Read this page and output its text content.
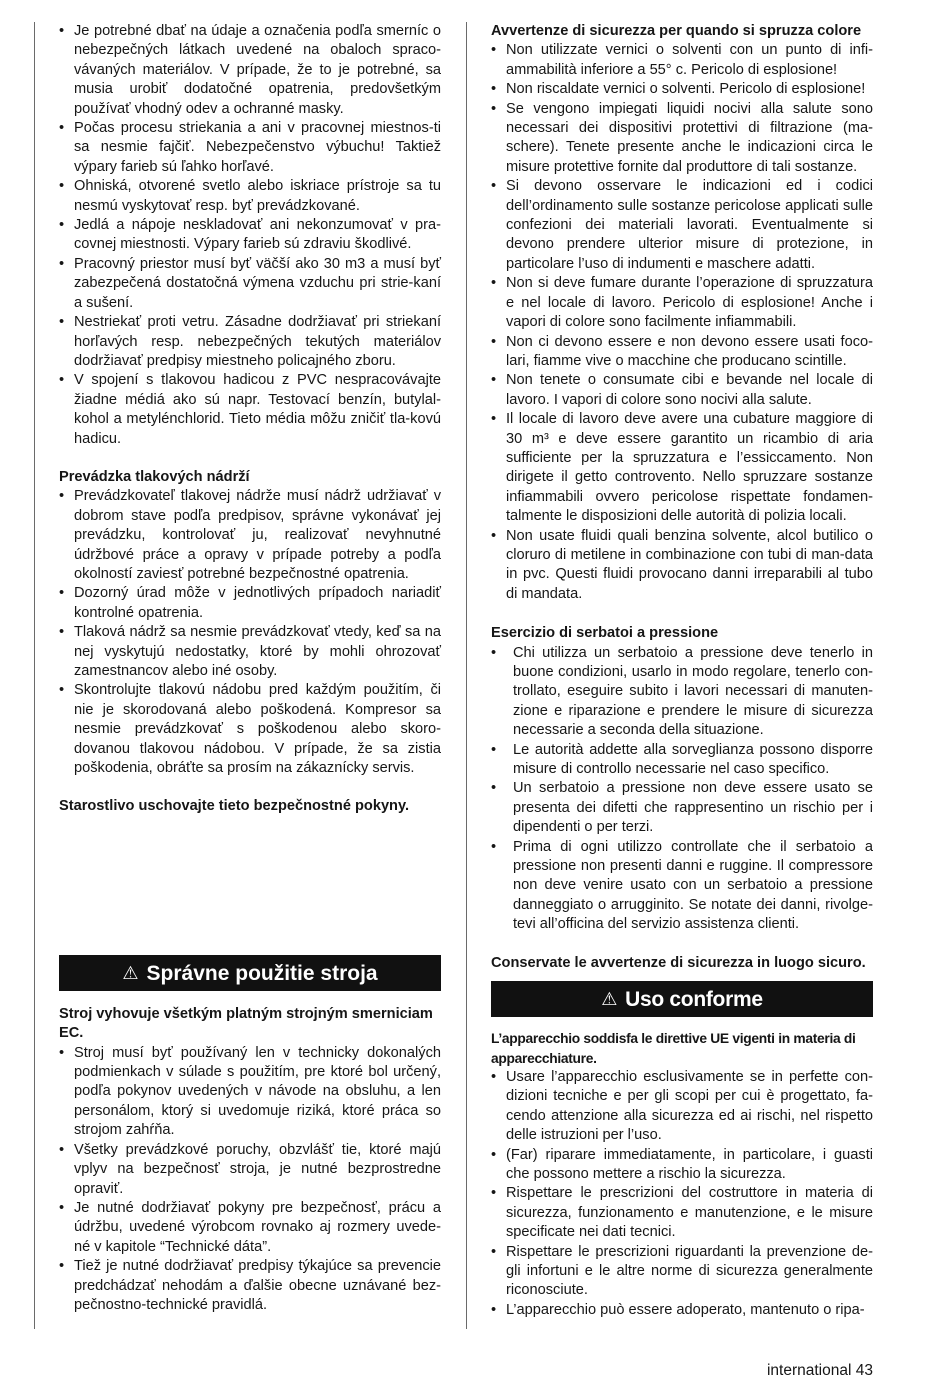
• Je potrebné dbať na údaje a označenia podľa smerníc o nebezpečných látkach uvedené na obaloch spraco-vávaných materiálov. V prípade, že to je potrebné, sa musia urobiť dodatočné opatrenia, predovšetkým používať vhodný odev a ochranné masky.
• Počas procesu striekania a ani v pracovnej miestnos-ti sa nesmie fajčiť. Nebezpečenstvo výbuchu! Taktiež výpary farieb sú ľahko horľavé.
• Ohniská, otvorené svetlo alebo iskriace prístroje sa tu nesmú vyskytovať resp. byť prevádzkované.
• Jedlá a nápoje neskladovať ani nekonzumovať v pra-covnej miestnosti. Výpary farieb sú zdraviu škodlivé.
• Pracovný priestor musí byť väčší ako 30 m3 a musí byť zabezpečená dostatočná výmena vzduchu pri strie-kaní a sušení.
• Nestriekať proti vetru. Zásadne dodržiavať pri striekaní horľavých resp. nebezpečných tekutých materiálov dodržiavať predpisy miestneho policajného zboru.
• V spojení s tlakovou hadicou z PVC nespracovávajte žiadne médiá ako sú napr. Testovací benzín, butylal-kohol a metylénchlorid. Tieto média môžu zničiť tla-kovú hadicu.

Prevádzka tlakových nádrží

• Prevádzkovateľ tlakovej nádrže musí nádrž udržiavať v dobrom stave podľa predpisov, správne vykonávať jej prevádzku, kontrolovať ju, realizovať nevyhnutné údržbové práce a opravy v prípade potreby a podľa okolností zaviesť potrebné bezpečnostné opatrenia.
• Dozorný úrad môže v jednotlivých prípadoch nariadiť kontrolné opatrenia.
• Tlaková nádrž sa nesmie prevádzkovať vtedy, keď sa na nej vyskytujú nedostatky, ktoré by mohli ohrozovať zamestnancov alebo iné osoby.
• Skontrolujte tlakovú nádobu pred každým použitím, či nie je skorodovaná alebo poškodená. Kompresor sa nesmie prevádzkovať s poškodenou alebo skoro-dovanou tlakovou nádobou. V prípade, že sa zistia poškodenia, obráťte sa prosím na zákaznícky servis.

Starostlivo uschovajte tieto bezpečnostné pokyny.

⚠ Správne použitie stroja

Stroj vyhovuje všetkým platným strojným smerniciam EC.

• Stroj musí byť používaný len v technicky dokonalých podmienkach v súlade s použitím, pre ktoré bol určený, podľa pokynov uvedených v návode na obsluhu, a len personálom, ktorý si uvedomuje riziká, ktoré práca so strojom zahŕňa.
• Všetky prevádzkové poruchy, obzvlášť tie, ktoré majú vplyv na bezpečnosť stroja, je nutné bezprostredne opraviť.
• Je nutné dodržiavať pokyny pre bezpečnosť, prácu a údržbu, uvedené výrobcom rovnako aj rozmery uvede-né v kapitole “Technické dáta”.
• Tiež je nutné dodržiavať predpisy týkajúce sa prevencie predchádzať nehodám a ďalšie obecne uznávané bez-pečnostno-technické pravidlá.

Avvertenze di sicurezza per quando si spruzza colore

• Non utilizzate vernici o solventi con un punto di infi-ammabilità inferiore a 55° c. Pericolo di esplosione!
• Non riscaldate vernici o solventi. Pericolo di esplosione!
• Se vengono impiegati liquidi nocivi alla salute sono necessari dei dispositivi protettivi di filtrazione (ma-schere). Tenete presente anche le indicazioni circa le misure protettive fornite dal produttore di tali sostanze.
• Si devono osservare le indicazioni ed i codici dell’ordinamento sulle sostanze pericolose applicati sulle confezioni dei materiali lavorati. Eventualmente si devono prendere ulterior misure di protezione, in particolare l’uso di indumenti e maschere adatti.
• Non si deve fumare durante l’operazione di spruzzatura e nel locale di lavoro. Pericolo di esplosione! Anche i vapori di colore sono facilmente infiammabili.
• Non ci devono essere e non devono essere usati foco-lari, fiamme vive o macchine che producano scintille.
• Non tenete o consumate cibi e bevande nel locale di lavoro. I vapori di colore sono nocivi alla salute.
• Il locale di lavoro deve avere una cubature maggiore di 30 m³ e deve essere garantito un ricambio di aria sufficiente per la spruzzatura e l’essiccamento. Non dirigete il getto controvento. Nello spruzzare sostanze infiammabili ovvero pericolose rispettate fondamen-talmente le disposizioni delle autorità di polizia locali.
• Non usate fluidi quali benzina solvente, alcol butilico o cloruro di metilene in combinazione con tubi di man-data in pvc. Questi fluidi provocano danni irreparabili al tubo di mandata.

Esercizio di serbatoi a pressione

• Chi utilizza un serbatoio a pressione deve tenerlo in buone condizioni, usarlo in modo regolare, tenerlo con-trollato, eseguire subito i lavori necessari di manuten-zione e riparazione e prendere le misure di sicurezza necessarie a seconda della situazione.
• Le autorità addette alla sorveglianza possono disporre misure di controllo necessarie nel caso specifico.
• Un serbatoio a pressione non deve essere usato se presenta dei difetti che rappresentino un rischio per i dipendenti o per terzi.
• Prima di ogni utilizzo controllate che il serbatoio a pressione non presenti danni e ruggine. Il compressore non deve venire usato con un serbatoio a pressione danneggiato o arrugginito. Se notate dei danni, rivolge-tevi all’officina del servizio assistenza clienti.

Conservate le avvertenze di sicurezza in luogo sicuro.

⚠ Uso conforme

L’apparecchio soddisfa le direttive UE vigenti in materia di apparecchiature.

• Usare l’apparecchio esclusivamente se in perfette con-dizioni tecniche e per gli scopi per cui è progettato, fa-cendo attenzione alla sicurezza ed ai rischi, nel rispetto delle istruzioni per l’uso.
• (Far) riparare immediatamente, in particolare, i guasti che possono mettere a rischio la sicurezza.
• Rispettare le prescrizioni del costruttore in materia di sicurezza, funzionamento e manutenzione, e le misure specificate nei dati tecnici.
• Rispettare le prescrizioni riguardanti la prevenzione de-gli infortuni e le altre norme di sicurezza generalmente riconosciute.
• L’apparecchio può essere adoperato, mantenuto o ripa-
international 43
